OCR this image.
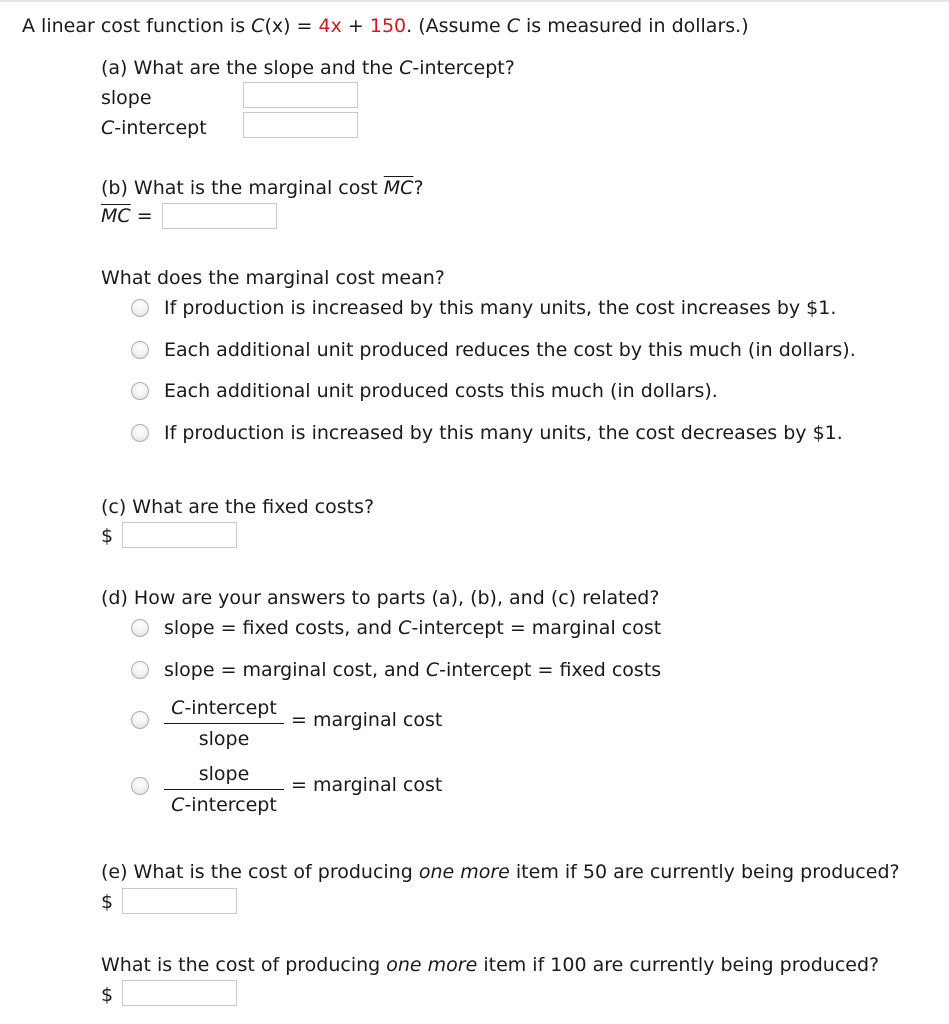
A linear cost function is C(x) = 4x + 150. (Assume C is measured in dollars.)
(a) What are the slope and the C-intercept?
slope
C-intercept
(b) What is the marginal cost $\overline{MC}$?
$\overline{MC}$ =
What does the marginal cost mean?
If production is increased by this many units, the cost increases by $1.
Each additional unit produced reduces the cost by this much (in dollars).
Each additional unit produced costs this much (in dollars).
If production is increased by this many units, the cost decreases by $1.
(c) What are the fixed costs?
$
(d) How are your answers to parts (a), (b), and (c) related?
slope = fixed costs, and C-intercept = marginal cost
slope = marginal cost, and C-intercept = fixed costs
C-intercept
slope
= marginal cost
slope
C-intercept
= marginal cost
(e) What is the cost of producing one more item if 50 are currently being produced?
$
What is the cost of producing one more item if 100 are currently being produced?
$
